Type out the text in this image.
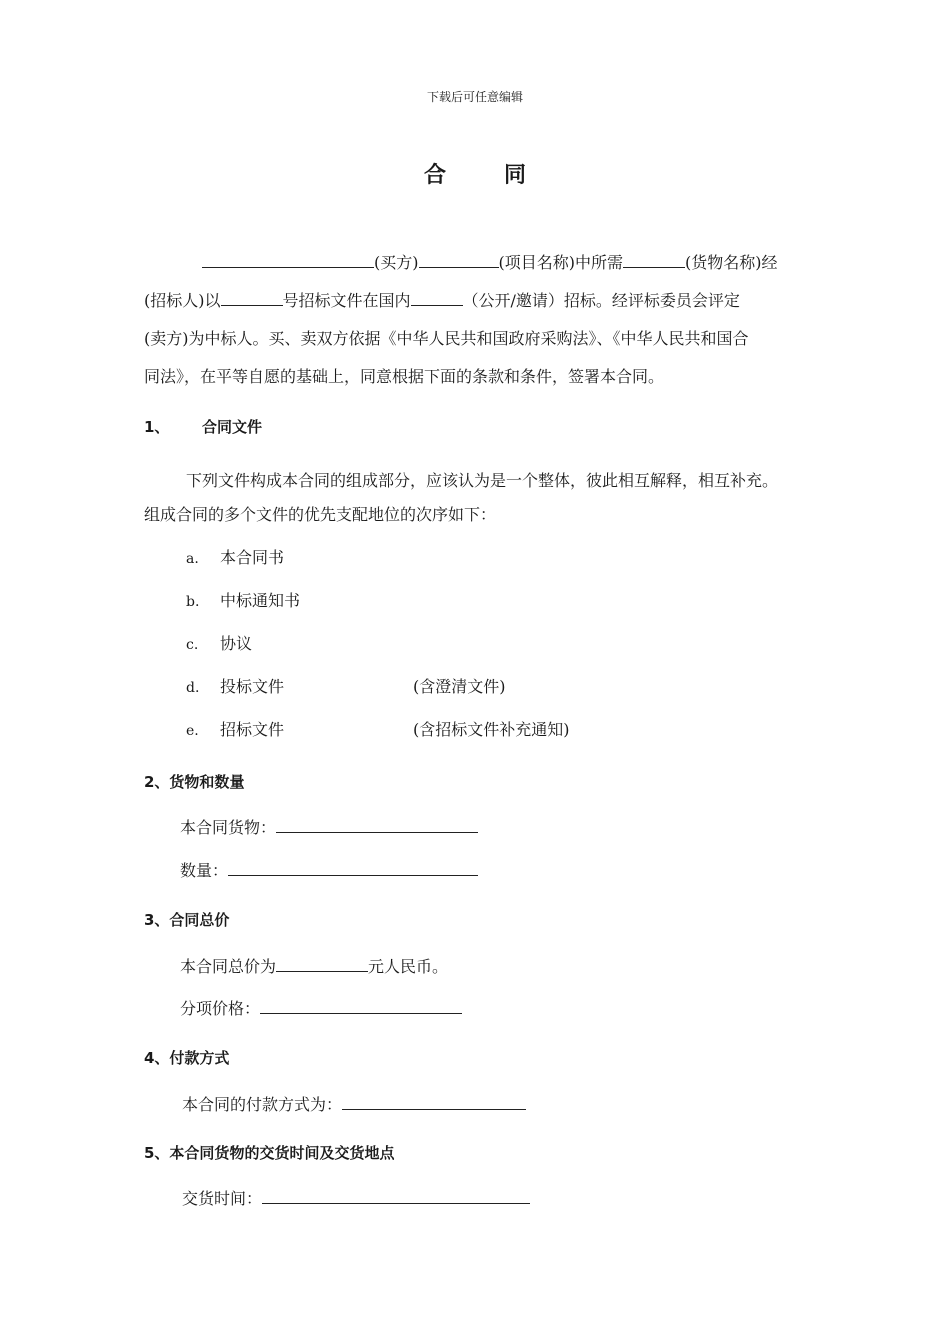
下载后可任意编辑
合	同
(买方)	(项目名称)中所需	(货物名称)经
(招标人)以	号招标文件在国内	（公开/邀请）招标。经评标委员会评定
(卖方)为中标人。买、卖双方依据《中华人民共和国政府采购法》、《中华人民共和国合
同法》，在平等自愿的基础上，同意根据下面的条款和条件，签署本合同。
1、 合同文件
下列文件构成本合同的组成部分，应该认为是一个整体，彼此相互解释，相互补充。
组成合同的多个文件的优先支配地位的次序如下：
a. 本合同书
b. 中标通知书
c. 协议
d. 投标文件	(含澄清文件)
e. 招标文件	(含招标文件补充通知)
2、货物和数量
本合同货物：
数量：
3、合同总价
本合同总价为	元人民币。
分项价格：
4、付款方式
本合同的付款方式为：
5、本合同货物的交货时间及交货地点
交货时间：
